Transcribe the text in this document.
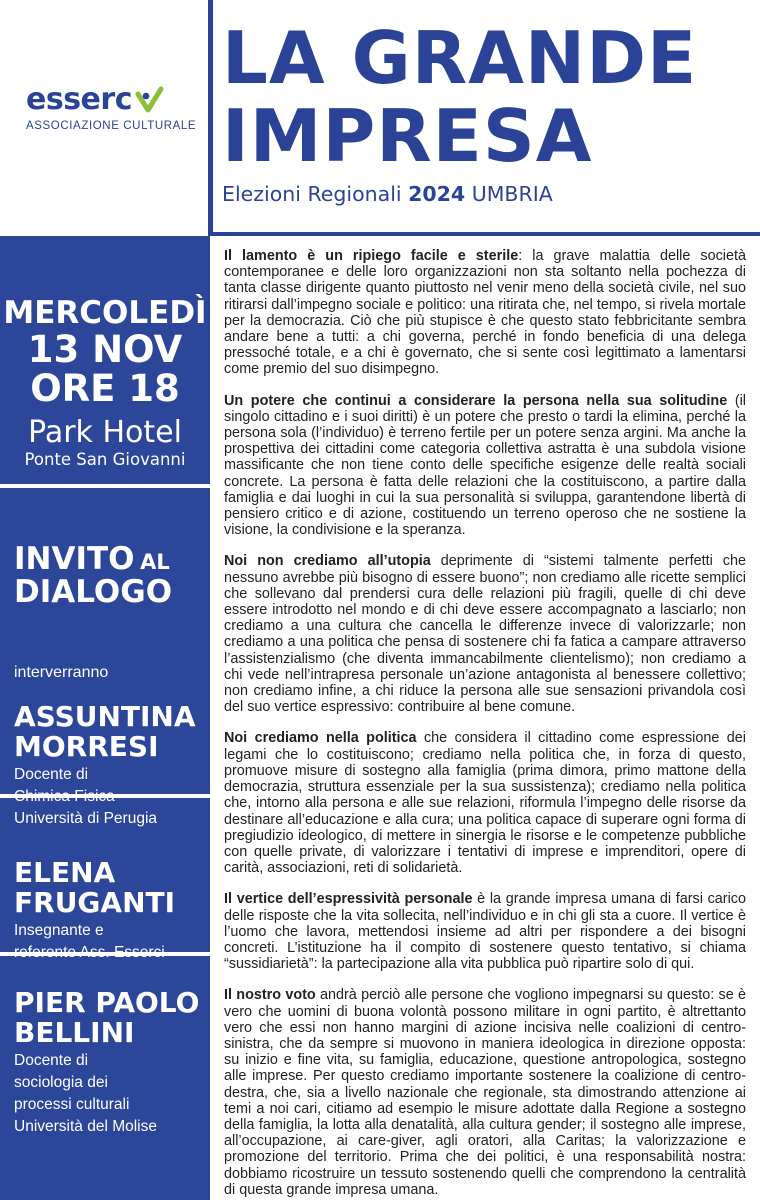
esserc
ASSOCIAZIONE CULTURALE
LA GRANDE
IMPRESA
Elezioni Regionali 2024 UMBRIA
MERCOLEDÌ
13 NOV
ORE 18
Park Hotel
Ponte San Giovanni
INVITO AL
DIALOGO
interverranno
ASSUNTINA
MORRESI
Docente di
Chimica Fisica
Università di Perugia
ELENA
FRUGANTI
Insegnante e
referente Ass. Esserci
PIER PAOLO
BELLINI
Docente di
sociologia dei
processi culturali
Università del Molise

Il lamento è un ripiego facile e sterile: la grave malattia delle società contemporanee e delle loro organizzazioni non sta soltanto nella pochezza di tanta classe dirigente quanto piuttosto nel venir meno della società civile, nel suo ritirarsi dall’impegno sociale e politico: una ritirata che, nel tempo, si rivela mortale per la democrazia. Ciò che più stupisce è che questo stato febbricitante sembra andare bene a tutti: a chi governa, perché in fondo beneficia di una delega pressoché totale, e a chi è governato, che si sente così legittimato a lamentarsi come premio del suo disimpegno.

Un potere che continui a considerare la persona nella sua solitudine (il singolo cittadino e i suoi diritti) è un potere che presto o tardi la elimina, perché la persona sola (l’individuo) è terreno fertile per un potere senza argini. Ma anche la prospettiva dei cittadini come categoria collettiva astratta è una subdola visione massificante che non tiene conto delle specifiche esigenze delle realtà sociali concrete. La persona è fatta delle relazioni che la costituiscono, a partire dalla famiglia e dai luoghi in cui la sua personalità si sviluppa, garantendone libertà di pensiero critico e di azione, costituendo un terreno operoso che ne sostiene la visione, la condivisione e la speranza.

Noi non crediamo all’utopia deprimente di “sistemi talmente perfetti che nessuno avrebbe più bisogno di essere buono”; non crediamo alle ricette semplici che sollevano dal prendersi cura delle relazioni più fragili, quelle di chi deve essere introdotto nel mondo e di chi deve essere accompagnato a lasciarlo; non crediamo a una cultura che cancella le differenze invece di valorizzarle; non crediamo a una politica che pensa di sostenere chi fa fatica a campare attraverso l’assistenzialismo (che diventa immancabilmente clientelismo); non crediamo a chi vede nell’intrapresa personale un’azione antagonista al benessere collettivo; non crediamo infine, a chi riduce la persona alle sue sensazioni privandola così del suo vertice espressivo: contribuire al bene comune.

Noi crediamo nella politica che considera il cittadino come espressione dei legami che lo costituiscono; crediamo nella politica che, in forza di questo, promuove misure di sostegno alla famiglia (prima dimora, primo mattone della democrazia, struttura essenziale per la sua sussistenza); crediamo nella politica che, intorno alla persona e alle sue relazioni, riformula l’impegno delle risorse da destinare all’educazione e alla cura; una politica capace di superare ogni forma di pregiudizio ideologico, di mettere in sinergia le risorse e le competenze pubbliche con quelle private, di valorizzare i tentativi di imprese e imprenditori, opere di carità, associazioni, reti di solidarietà.

Il vertice dell’espressività personale è la grande impresa umana di farsi carico delle risposte che la vita sollecita, nell’individuo e in chi gli sta a cuore. Il vertice è l’uomo che lavora, mettendosi insieme ad altri per rispondere a dei bisogni concreti. L’istituzione ha il compito di sostenere questo tentativo, si chiama “sussidiarietà”: la partecipazione alla vita pubblica può ripartire solo di qui.

Il nostro voto andrà perciò alle persone che vogliono impegnarsi su questo: se è vero che uomini di buona volontà possono militare in ogni partito, è altrettanto vero che essi non hanno margini di azione incisiva nelle coalizioni di centro-sinistra, che da sempre si muovono in maniera ideologica in direzione opposta: su inizio e fine vita, su famiglia, educazione, questione antropologica, sostegno alle imprese. Per questo crediamo importante sostenere la coalizione di centro-destra, che, sia a livello nazionale che regionale, sta dimostrando attenzione ai temi a noi cari, citiamo ad esempio le misure adottate dalla Regione a sostegno della famiglia, la lotta alla denatalità, alla cultura gender; il sostegno alle imprese, all’occupazione, ai care-giver, agli oratori, alla Caritas; la valorizzazione e promozione del territorio. Prima che dei politici, è una responsabilità nostra: dobbiamo ricostruire un tessuto sostenendo quelli che comprendono la centralità di questa grande impresa umana.
